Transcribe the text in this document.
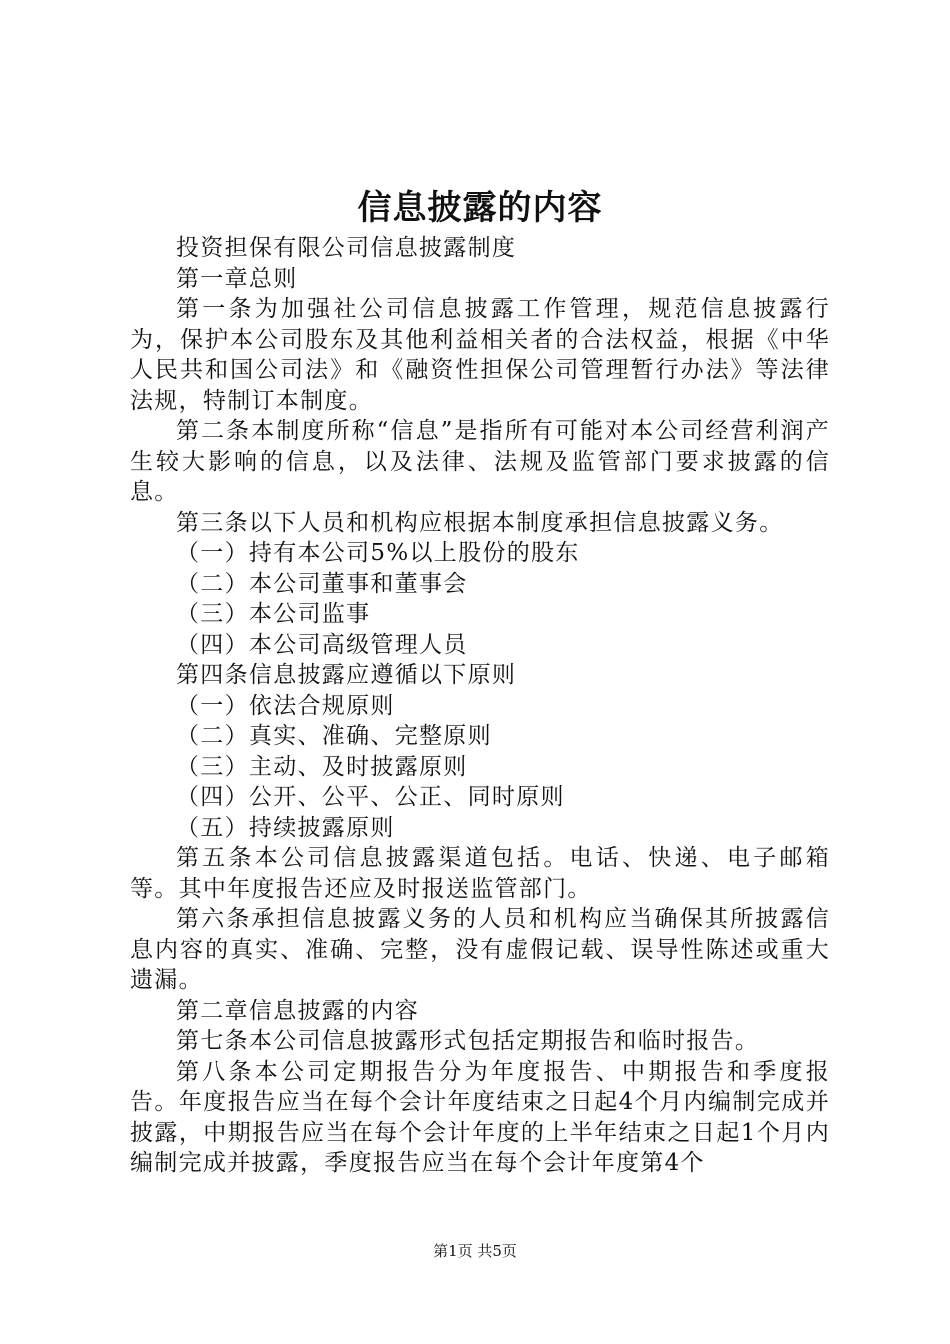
信息披露的内容

投资担保有限公司信息披露制度

第一章总则

第一条为加强社公司信息披露工作管理，规范信息披露行为，保护本公司股东及其他利益相关者的合法权益，根据《中华人民共和国公司法》和《融资性担保公司管理暂行办法》等法律法规，特制订本制度。

第二条本制度所称“信息”是指所有可能对本公司经营利润产生较大影响的信息，以及法律、法规及监管部门要求披露的信息。

第三条以下人员和机构应根据本制度承担信息披露义务。

（一）持有本公司5%以上股份的股东

（二）本公司董事和董事会

（三）本公司监事

（四）本公司高级管理人员

第四条信息披露应遵循以下原则

（一）依法合规原则

（二）真实、准确、完整原则

（三）主动、及时披露原则

（四）公开、公平、公正、同时原则

（五）持续披露原则

第五条本公司信息披露渠道包括。电话、快递、电子邮箱等。其中年度报告还应及时报送监管部门。

第六条承担信息披露义务的人员和机构应当确保其所披露信息内容的真实、准确、完整，没有虚假记载、误导性陈述或重大遗漏。

第二章信息披露的内容

第七条本公司信息披露形式包括定期报告和临时报告。

第八条本公司定期报告分为年度报告、中期报告和季度报告。年度报告应当在每个会计年度结束之日起4个月内编制完成并披露，中期报告应当在每个会计年度的上半年结束之日起1个月内编制完成并披露，季度报告应当在每个会计年度第4个

第1页 共5页
